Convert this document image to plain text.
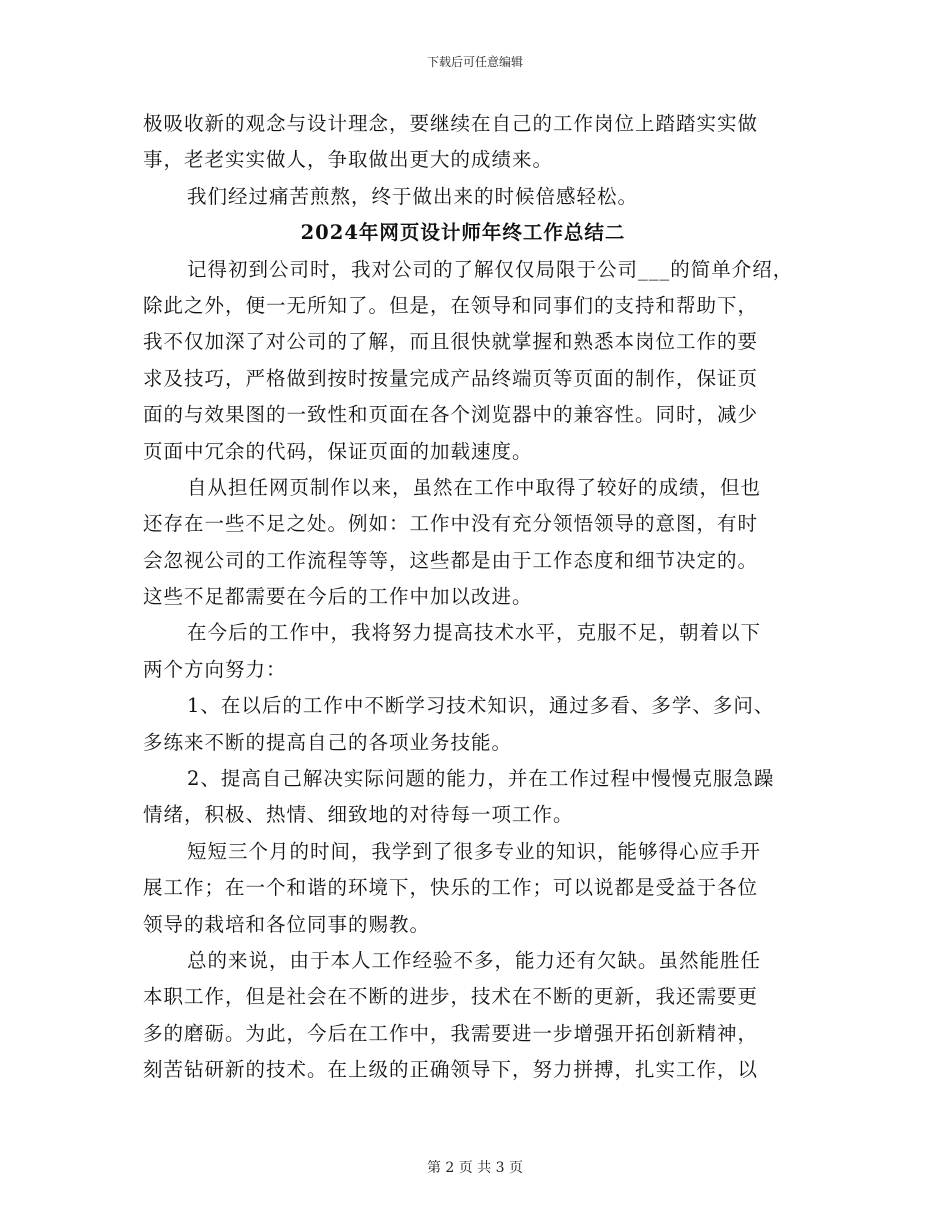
下载后可任意编辑
极吸收新的观念与设计理念，要继续在自己的工作岗位上踏踏实实做
事，老老实实做人，争取做出更大的成绩来。
我们经过痛苦煎熬，终于做出来的时候倍感轻松。
2024年网页设计师年终工作总结二
记得初到公司时，我对公司的了解仅仅局限于公司___的简单介绍，
除此之外，便一无所知了。但是，在领导和同事们的支持和帮助下，
我不仅加深了对公司的了解，而且很快就掌握和熟悉本岗位工作的要
求及技巧，严格做到按时按量完成产品终端页等页面的制作，保证页
面的与效果图的一致性和页面在各个浏览器中的兼容性。同时，减少
页面中冗余的代码，保证页面的加载速度。
自从担任网页制作以来，虽然在工作中取得了较好的成绩，但也
还存在一些不足之处。例如：工作中没有充分领悟领导的意图，有时
会忽视公司的工作流程等等，这些都是由于工作态度和细节决定的。
这些不足都需要在今后的工作中加以改进。
在今后的工作中，我将努力提高技术水平，克服不足，朝着以下
两个方向努力：
1、在以后的工作中不断学习技术知识，通过多看、多学、多问、
多练来不断的提高自己的各项业务技能。
2、提高自己解决实际问题的能力，并在工作过程中慢慢克服急躁
情绪，积极、热情、细致地的对待每一项工作。
短短三个月的时间，我学到了很多专业的知识，能够得心应手开
展工作；在一个和谐的环境下，快乐的工作；可以说都是受益于各位
领导的栽培和各位同事的赐教。
总的来说，由于本人工作经验不多，能力还有欠缺。虽然能胜任
本职工作，但是社会在不断的进步，技术在不断的更新，我还需要更
多的磨砺。为此，今后在工作中，我需要进一步增强开拓创新精神，
刻苦钻研新的技术。在上级的正确领导下，努力拼搏，扎实工作，以
第 2 页 共 3 页
